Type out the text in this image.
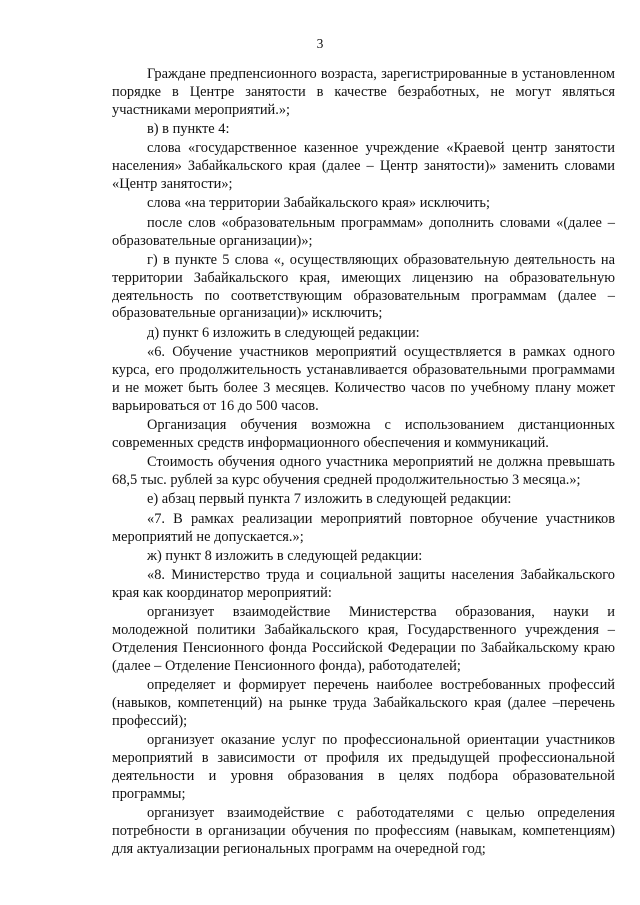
3

Граждане предпенсионного возраста, зарегистрированные в установленном порядке в Центре занятости в качестве безработных, не могут являться участниками мероприятий.»;

в) в пункте 4:

слова «государственное казенное учреждение «Краевой центр занятости населения» Забайкальского края (далее – Центр занятости)» заменить словами «Центр занятости»;

слова «на территории Забайкальского края» исключить;

после слов «образовательным программам» дополнить словами «(далее – образовательные организации)»;

г) в пункте 5 слова «, осуществляющих образовательную деятельность на территории Забайкальского края, имеющих лицензию на образовательную деятельность по соответствующим образовательным программам (далее – образовательные организации)» исключить;

д) пункт 6 изложить в следующей редакции:

«6. Обучение участников мероприятий осуществляется в рамках одного курса, его продолжительность устанавливается образовательными программами и не может быть более 3 месяцев. Количество часов по учебному плану может варьироваться от 16 до 500 часов.

Организация обучения возможна с использованием дистанционных современных средств информационного обеспечения и коммуникаций.

Стоимость обучения одного участника мероприятий не должна превышать 68,5 тыс. рублей за курс обучения средней продолжительностью 3 месяца.»;

е) абзац первый пункта 7 изложить в следующей редакции:

«7. В рамках реализации мероприятий повторное обучение участников мероприятий не допускается.»;

ж) пункт 8 изложить в следующей редакции:

«8. Министерство труда и социальной защиты населения Забайкальского края как координатор мероприятий:

организует взаимодействие Министерства образования, науки и молодежной политики Забайкальского края, Государственного учреждения – Отделения Пенсионного фонда Российской Федерации по Забайкальскому краю (далее – Отделение Пенсионного фонда), работодателей;

определяет и формирует перечень наиболее востребованных профессий (навыков, компетенций) на рынке труда Забайкальского края (далее –перечень профессий);

организует оказание услуг по профессиональной ориентации участников мероприятий в зависимости от профиля их предыдущей профессиональной деятельности и уровня образования в целях подбора образовательной программы;

организует взаимодействие с работодателями с целью определения потребности в организации обучения по профессиям (навыкам, компетенциям) для актуализации региональных программ на очередной год;
